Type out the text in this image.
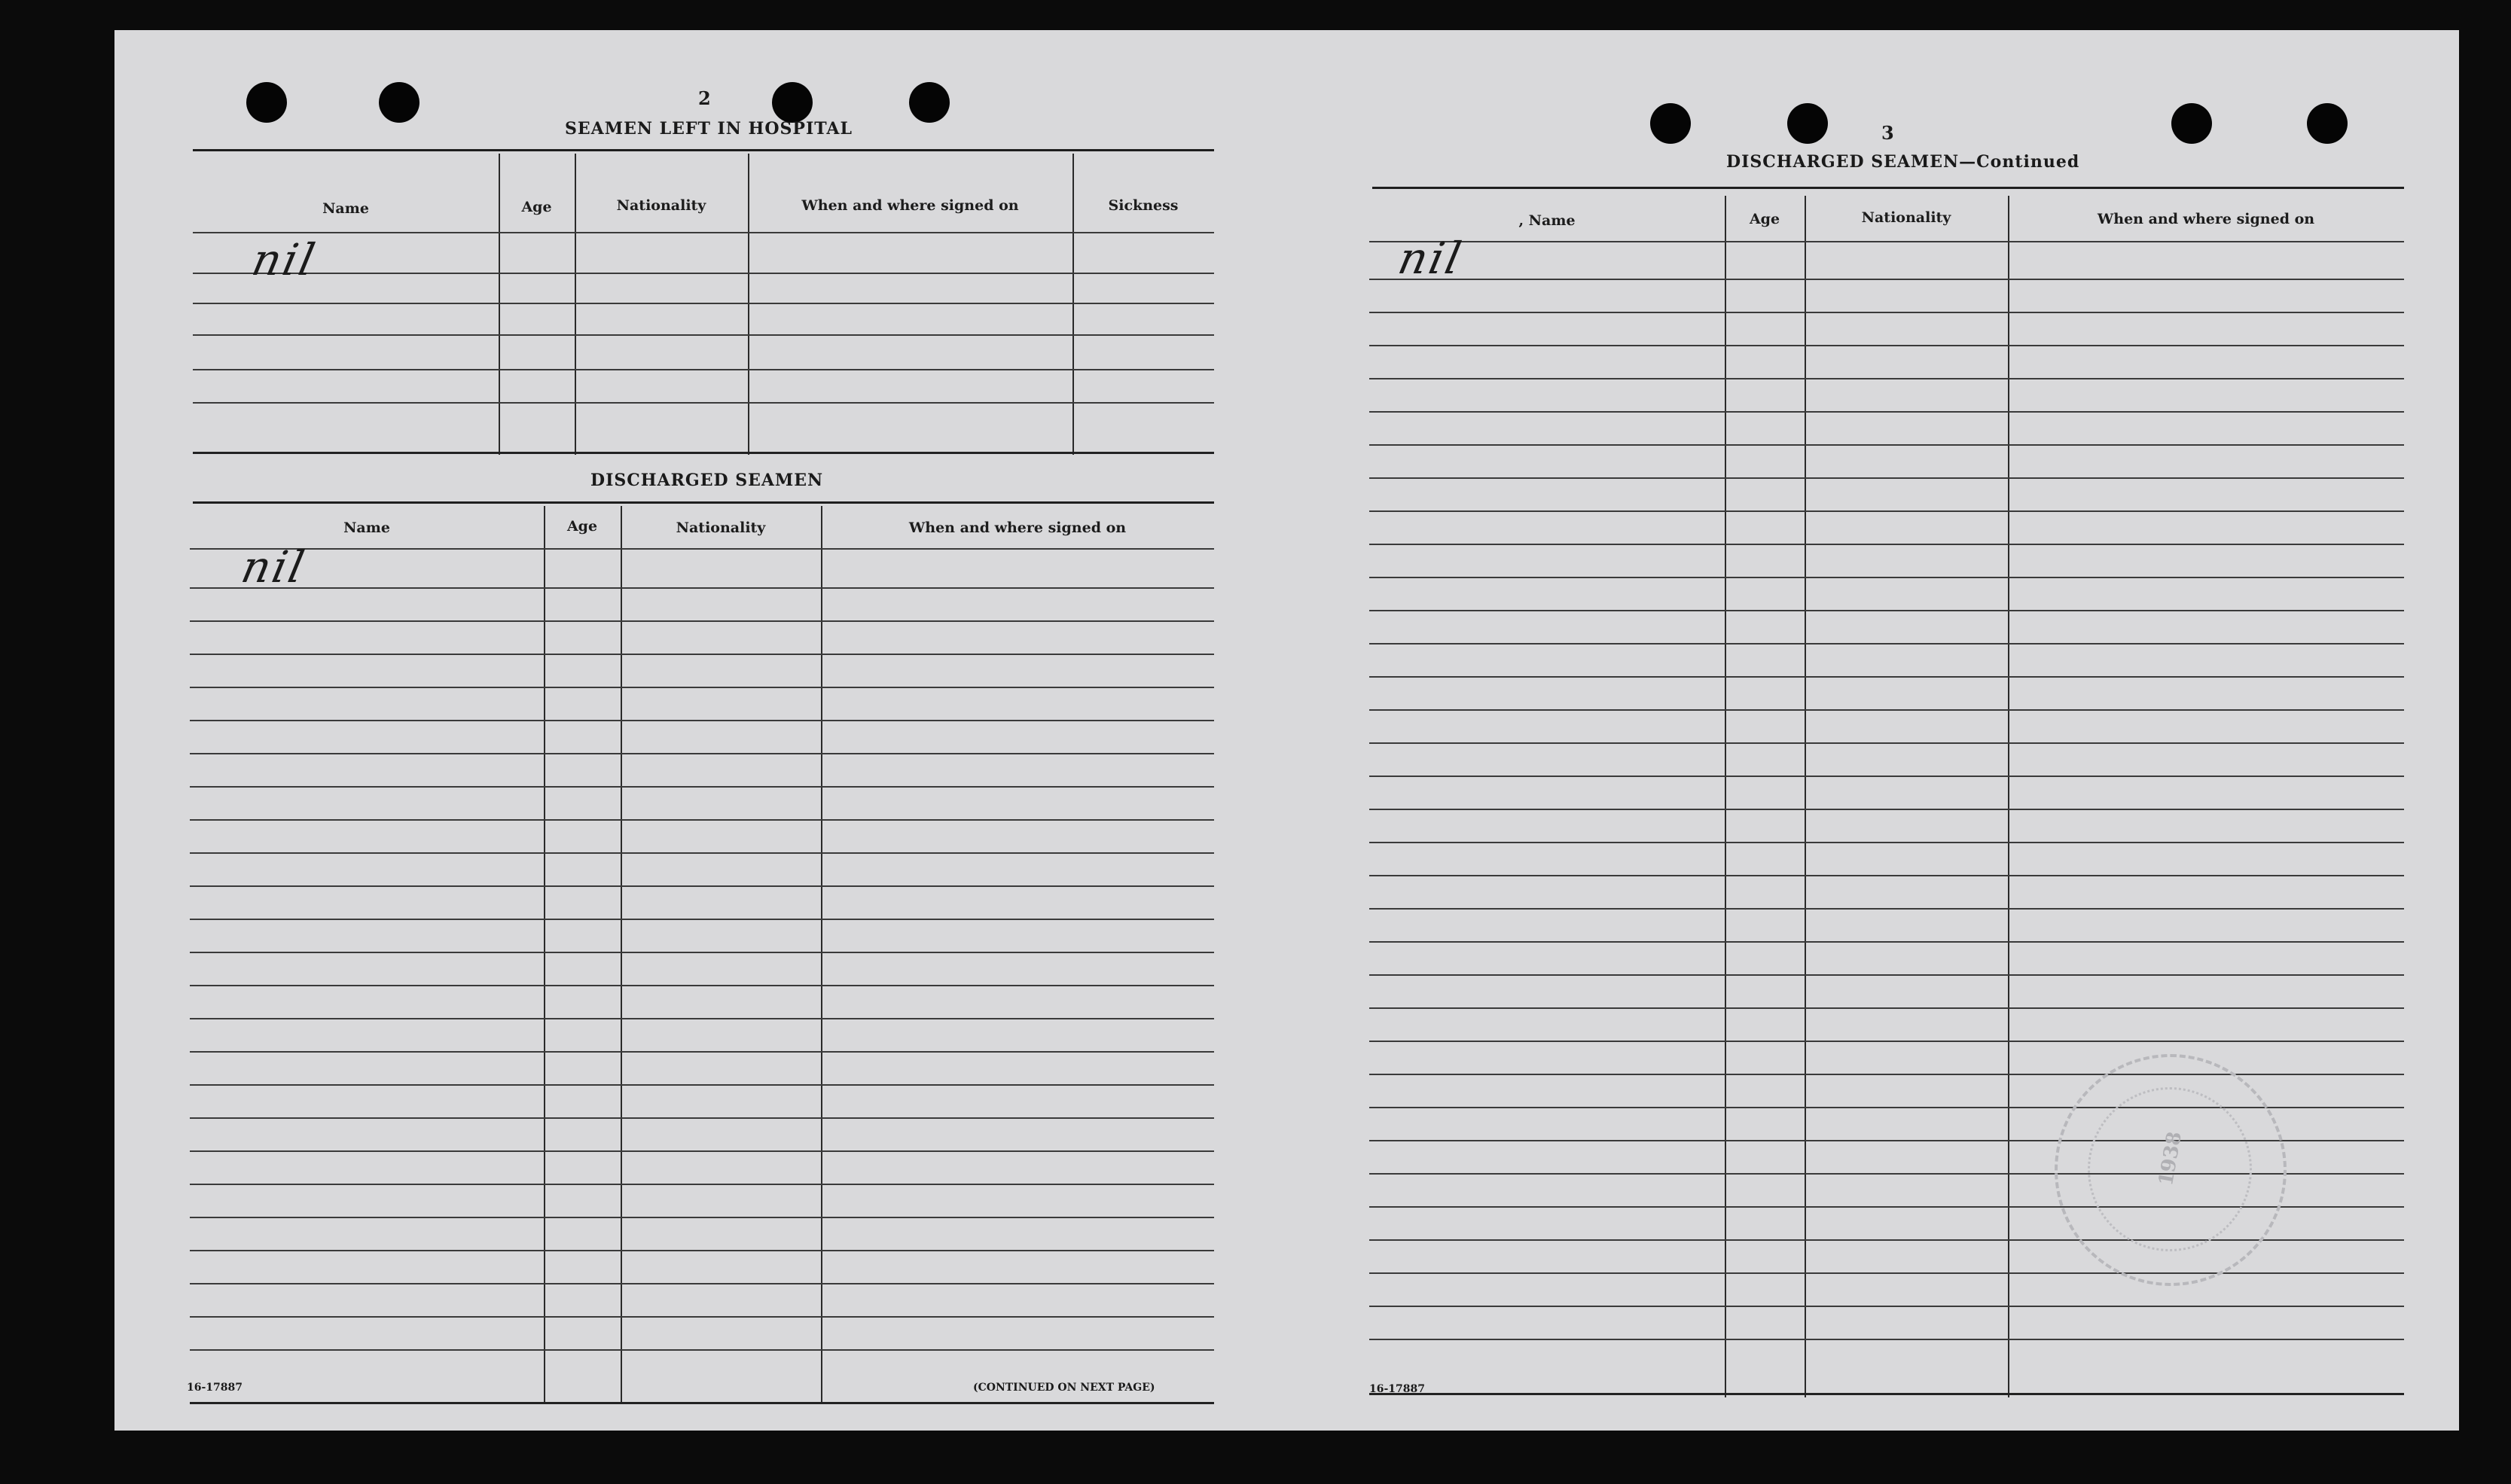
2
SEAMEN LEFT IN HOSPITAL
Name	Age	Nationality	When and where signed on	Sickness
nil
DISCHARGED SEAMEN
Name	Age	Nationality	When and where signed on
nil
16-17887	(CONTINUED ON NEXT PAGE)
3
DISCHARGED SEAMEN—Continued
, Name	Age	Nationality	When and where signed on
nil
1938
16-17887
